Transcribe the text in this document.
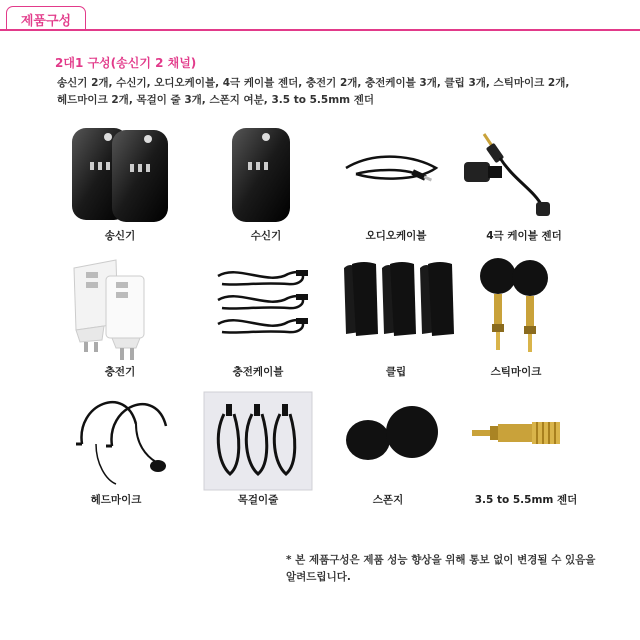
제품구성
2대1 구성(송신기 2 채널)
송신기 2개, 수신기, 오디오케이블, 4극 케이블 젠더, 충전기 2개, 충전케이블 3개, 클립 3개, 스틱마이크 2개,
헤드마이크 2개, 목걸이 줄 3개, 스폰지 여분, 3.5 to 5.5mm 젠더
송신기	수신기	오디오케이블	4극 케이블 젠더
충전기	충전케이블	클립	스틱마이크
헤드마이크	목걸이줄	스폰지	3.5 to 5.5mm 젠더
* 본 제품구성은 제품 성능 향상을 위해 통보 없이 변경될 수 있음을
알려드립니다.
